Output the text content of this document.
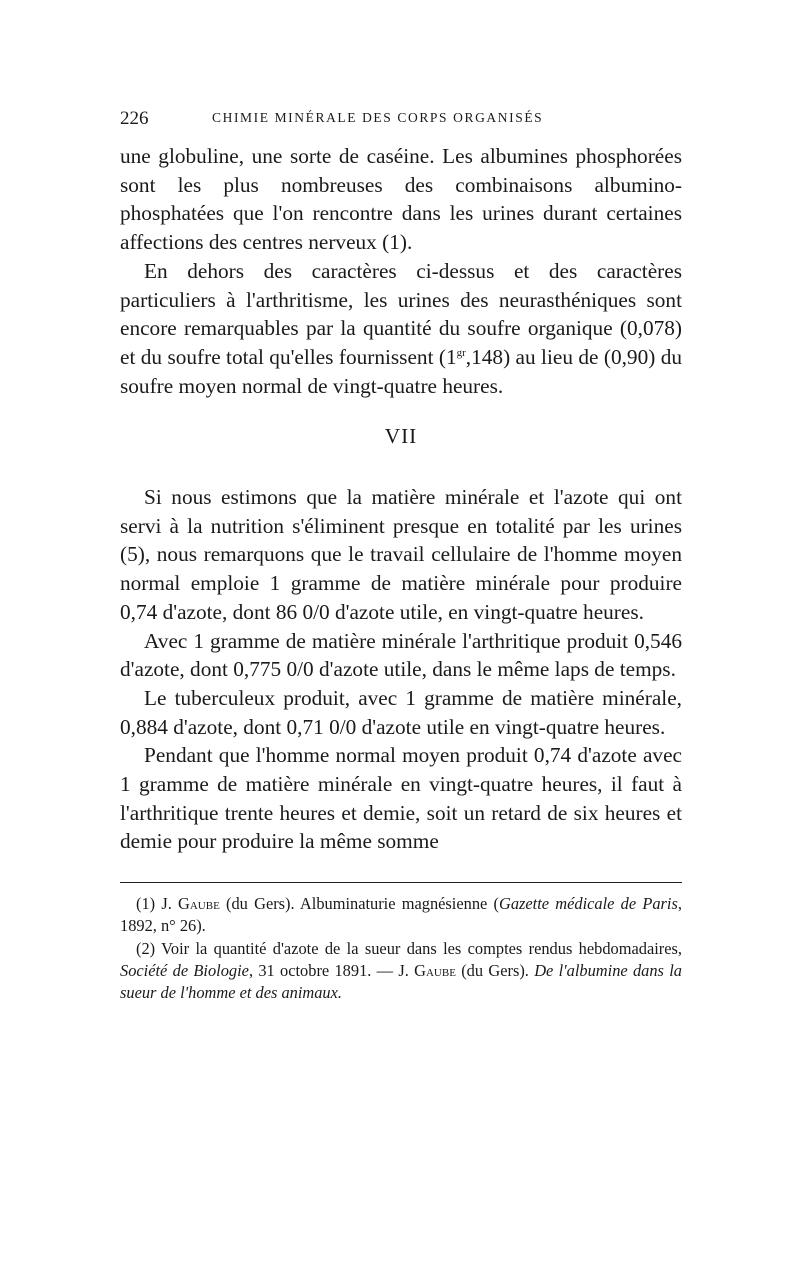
226	CHIMIE MINÉRALE DES CORPS ORGANISÉS

une globuline, une sorte de caséine. Les albumines phosphorées sont les plus nombreuses des combinaisons albumino-phosphatées que l'on rencontre dans les urines durant certaines affections des centres nerveux (1).

En dehors des caractères ci-dessus et des caractères particuliers à l'arthritisme, les urines des neurasthéniques sont encore remarquables par la quantité du soufre organique (0,078) et du soufre total qu'elles fournissent $(1^{gr},148)$ au lieu de (0,90) du soufre moyen normal de vingt-quatre heures.

VII

Si nous estimons que la matière minérale et l'azote qui ont servi à la nutrition s'éliminent presque en totalité par les urines (5), nous remarquons que le travail cellulaire de l'homme moyen normal emploie 1 gramme de matière minérale pour produire 0,74 d'azote, dont 86 0/0 d'azote utile, en vingt-quatre heures.

Avec 1 gramme de matière minérale l'arthritique produit 0,546 d'azote, dont 0,775 0/0 d'azote utile, dans le même laps de temps.

Le tuberculeux produit, avec 1 gramme de matière minérale, 0,884 d'azote, dont 0,71 0/0 d'azote utile en vingt-quatre heures.

Pendant que l'homme normal moyen produit 0,74 d'azote avec 1 gramme de matière minérale en vingt-quatre heures, il faut à l'arthritique trente heures et demie, soit un retard de six heures et demie pour produire la même somme

(1) J. Gaube (du Gers). Albuminaturie magnésienne (Gazette médicale de Paris, 1892, n° 26).

(2) Voir la quantité d'azote de la sueur dans les comptes rendus hebdomadaires, Société de Biologie, 31 octobre 1891. — J. Gaube (du Gers). De l'albumine dans la sueur de l'homme et des animaux.
